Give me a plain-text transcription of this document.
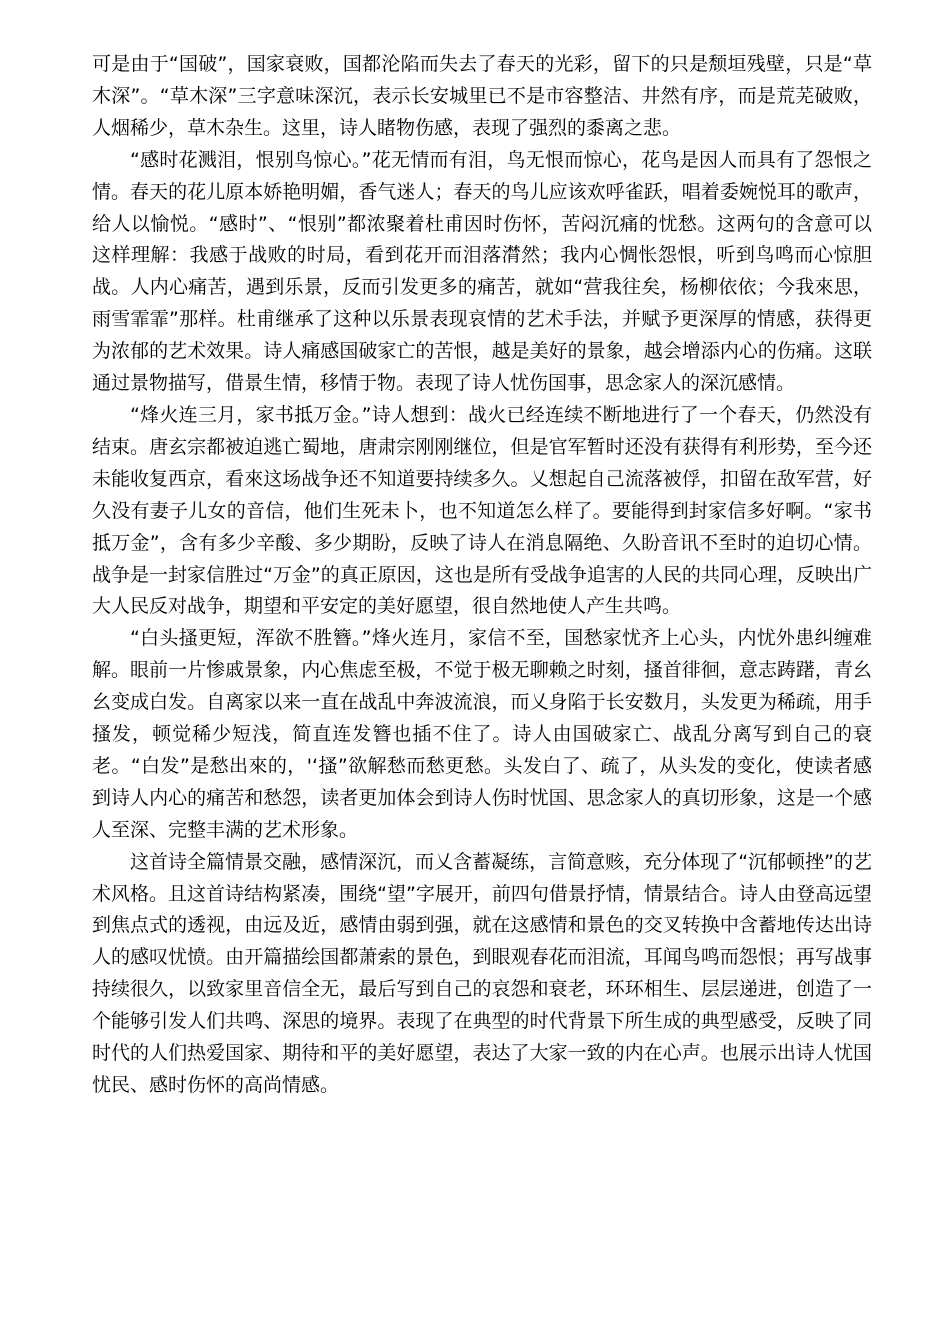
可是由于“国破”，国家衰败，国都沦陷而失去了春天的光彩，留下的只是颓垣残壁，只是“草木深”。“草木深”三字意味深沉，表示长安城里已不是市容整洁、井然有序，而是荒芜破败，人烟稀少，草木杂生。这里，诗人睹物伤感，表现了强烈的黍离之悲。

“感时花溅泪，恨别鸟惊心。”花无情而有泪，鸟无恨而惊心，花鸟是因人而具有了怨恨之情。春天的花儿原本娇艳明媚，香气迷人；春天的鸟儿应该欢呼雀跃，唱着委婉悦耳的歌声，给人以愉悦。“感时”、“恨别”都浓聚着杜甫因时伤怀，苦闷沉痛的忧愁。这两句的含意可以这样理解：我感于战败的时局，看到花开而泪落潸然；我内心惆怅怨恨，听到鸟鸣而心惊胆战。人内心痛苦，遇到乐景，反而引发更多的痛苦，就如“营我往矣，杨柳依依；今我來思，雨雪霏霏”那样。杜甫继承了这种以乐景表现哀情的艺术手法，并赋予更深厚的情感，获得更为浓郁的艺术效果。诗人痛感国破家亡的苦恨，越是美好的景象，越会增添内心的伤痛。这联通过景物描写，借景生情，移情于物。表现了诗人忧伤国事，思念家人的深沉感情。

“烽火连三月，家书抵万金。”诗人想到：战火已经连续不断地进行了一个春天，仍然没有结束。唐玄宗都被迫逃亡蜀地，唐肃宗刚刚继位，但是官军暂时还没有获得有利形势，至今还未能收复西京，看來这场战争还不知道要持续多久。乂想起自己流落被俘，扣留在敌军营，好久没有妻子儿女的音信，他们生死未卜，也不知道怎么样了。要能得到封家信多好啊。“家书抵万金”，含有多少辛酸、多少期盼，反映了诗人在消息隔绝、久盼音讯不至时的迫切心情。战争是一封家信胜过“万金”的真正原因，这也是所有受战争追害的人民的共同心理，反映出广大人民反对战争，期望和平安定的美好愿望，很自然地使人产生共鸣。

“白头搔更短，浑欲不胜簪。”烽火连月，家信不至，国愁家忧齐上心头，内忧外患纠缠难解。眼前一片惨戚景象，内心焦虑至极，不觉于极无聊赖之时刻，搔首徘徊，意志踌躇，青幺幺变成白发。自离家以来一直在战乱中奔波流浪，而乂身陷于长安数月，头发更为稀疏，用手搔发，顿觉稀少短浅，简直连发簪也插不住了。诗人由国破家亡、战乱分离写到自己的衰老。“白发”是愁出來的，'‘搔”欲解愁而愁更愁。头发白了、疏了，从头发的变化，使读者感到诗人内心的痛苦和愁怨，读者更加体会到诗人伤时忧国、思念家人的真切形象，这是一个感人至深、完整丰满的艺术形象。

这首诗全篇情景交融，感情深沉，而乂含蓄凝练，言简意赅，充分体现了“沉郁顿挫”的艺术风格。且这首诗结构紧凑，围绕“望”字展开，前四句借景抒情，情景结合。诗人由登高远望到焦点式的透视，由远及近，感情由弱到强，就在这感情和景色的交叉转换中含蓄地传达出诗人的感叹忧愤。由开篇描绘国都萧索的景色，到眼观春花而泪流，耳闻鸟鸣而怨恨；再写战事持续很久，以致家里音信全无，最后写到自己的哀怨和衰老，环环相生、层层递进，创造了一个能够引发人们共鸣、深思的境界。表现了在典型的时代背景下所生成的典型感受，反映了同时代的人们热爱国家、期待和平的美好愿望，表达了大家一致的内在心声。也展示出诗人忧国忧民、感时伤怀的高尚情感。
